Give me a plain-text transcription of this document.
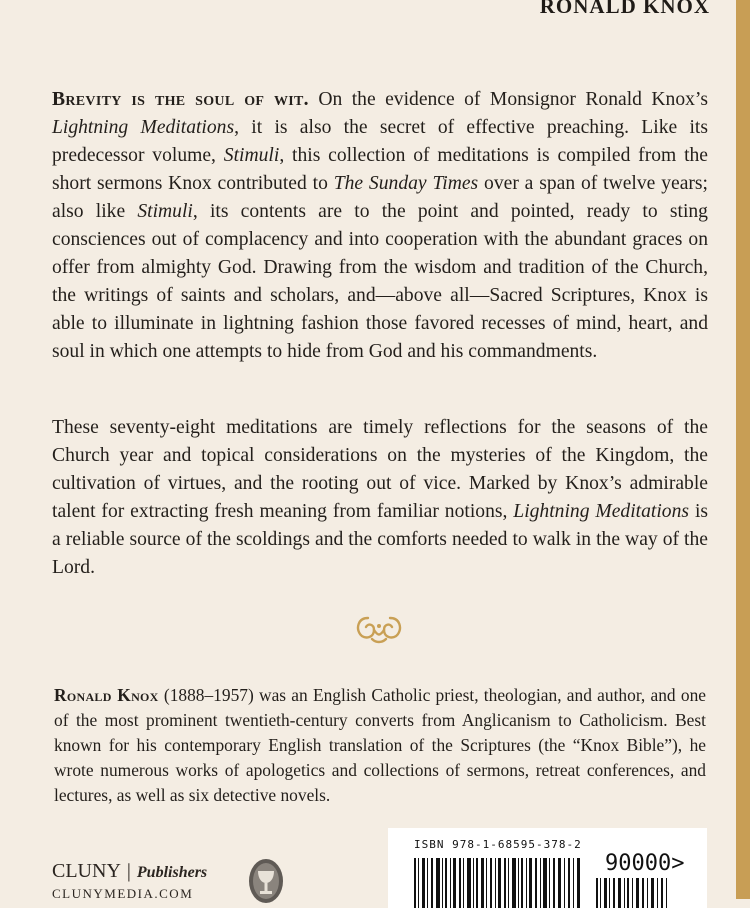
RONALD KNOX

Brevity is the soul of wit. On the evidence of Monsignor Ronald Knox’s Lightning Meditations, it is also the secret of effective preaching. Like its predecessor volume, Stimuli, this collection of meditations is compiled from the short sermons Knox contributed to The Sunday Times over a span of twelve years; also like Stimuli, its contents are to the point and pointed, ready to sting consciences out of complacency and into cooperation with the abundant graces on offer from almighty God. Drawing from the wisdom and tradition of the Church, the writings of saints and scholars, and—above all—Sacred Scriptures, Knox is able to illuminate in lightning fashion those favored recesses of mind, heart, and soul in which one attempts to hide from God and his commandments.

These seventy-eight meditations are timely reflections for the seasons of the Church year and topical considerations on the mysteries of the Kingdom, the cultivation of virtues, and the rooting out of vice. Marked by Knox’s admirable talent for extracting fresh meaning from familiar notions, Lightning Meditations is a reliable source of the scoldings and the comforts needed to walk in the way of the Lord.

Ronald Knox (1888–1957) was an English Catholic priest, theologian, and author, and one of the most prominent twentieth-century converts from Anglicanism to Catholicism. Best known for his contemporary English translation of the Scriptures (the “Knox Bible”), he wrote numerous works of apologetics and collections of sermons, retreat conferences, and lectures, as well as six detective novels.

CLUNY | Publishers
CLUNYMEDIA.COM
ISBN 978-1-68595-378-2
90000>
